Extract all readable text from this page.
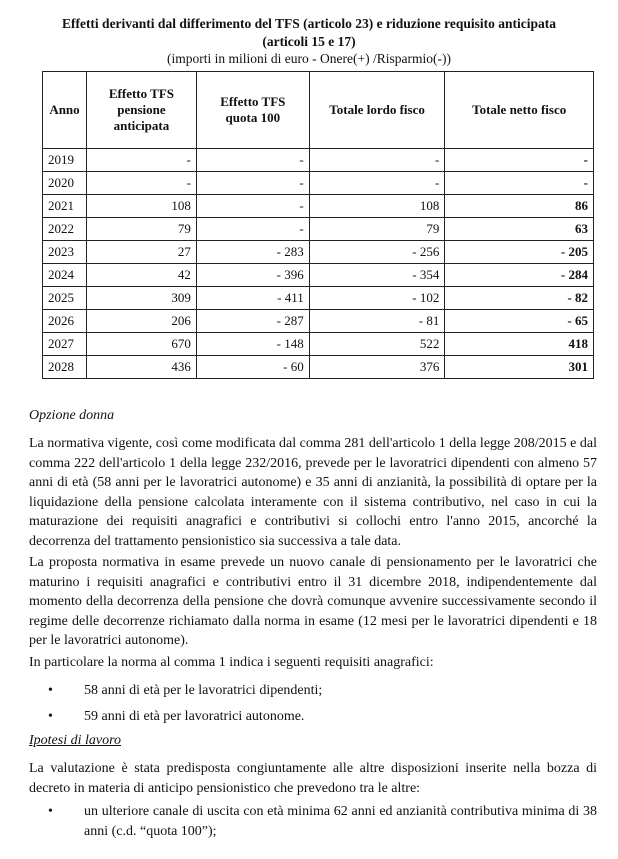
Effetti derivanti dal differimento del TFS (articolo 23) e riduzione requisito anticipata
(articoli 15 e 17)
(importi in milioni di euro - Onere(+) /Risparmio(-))
Anno	Effetto TFS pensione anticipata	Effetto TFS quota 100	Totale lordo fisco	Totale netto fisco
2019	-	-	-	-
2020	-	-	-	-
2021	108	-	108	86
2022	79	-	79	63
2023	27	- 283	- 256	- 205
2024	42	- 396	- 354	- 284
2025	309	- 411	- 102	- 82
2026	206	- 287	- 81	- 65
2027	670	- 148	522	418
2028	436	- 60	376	301
Opzione donna

La normativa vigente, così come modificata dal comma 281 dell'articolo 1 della legge 208/2015 e dal comma 222 dell'articolo 1 della legge 232/2016, prevede per le lavoratrici dipendenti con almeno 57 anni di età (58 anni per le lavoratrici autonome) e 35 anni di anzianità, la possibilità di optare per la liquidazione della pensione calcolata interamente con il sistema contributivo, nel caso in cui la maturazione dei requisiti anagrafici e contributivi si collochi entro l'anno 2015, ancorché la decorrenza del trattamento pensionistico sia successiva a tale data.

La proposta normativa in esame prevede un nuovo canale di pensionamento per le lavoratrici che maturino i requisiti anagrafici e contributivi entro il 31 dicembre 2018, indipendentemente dal momento della decorrenza della pensione che dovrà comunque avvenire successivamente secondo il regime delle decorrenze richiamato dalla norma in esame (12 mesi per le lavoratrici dipendenti e 18 per le lavoratrici autonome).

In particolare la norma al comma 1 indica i seguenti requisiti anagrafici:

• 58 anni di età per le lavoratrici dipendenti;
• 59 anni di età per lavoratrici autonome.
Ipotesi di lavoro

La valutazione è stata predisposta congiuntamente alle altre disposizioni inserite nella bozza di decreto in materia di anticipo pensionistico che prevedono tra le altre:

• un ulteriore canale di uscita con età minima 62 anni ed anzianità contributiva minima di 38 anni (c.d. “quota 100”);
